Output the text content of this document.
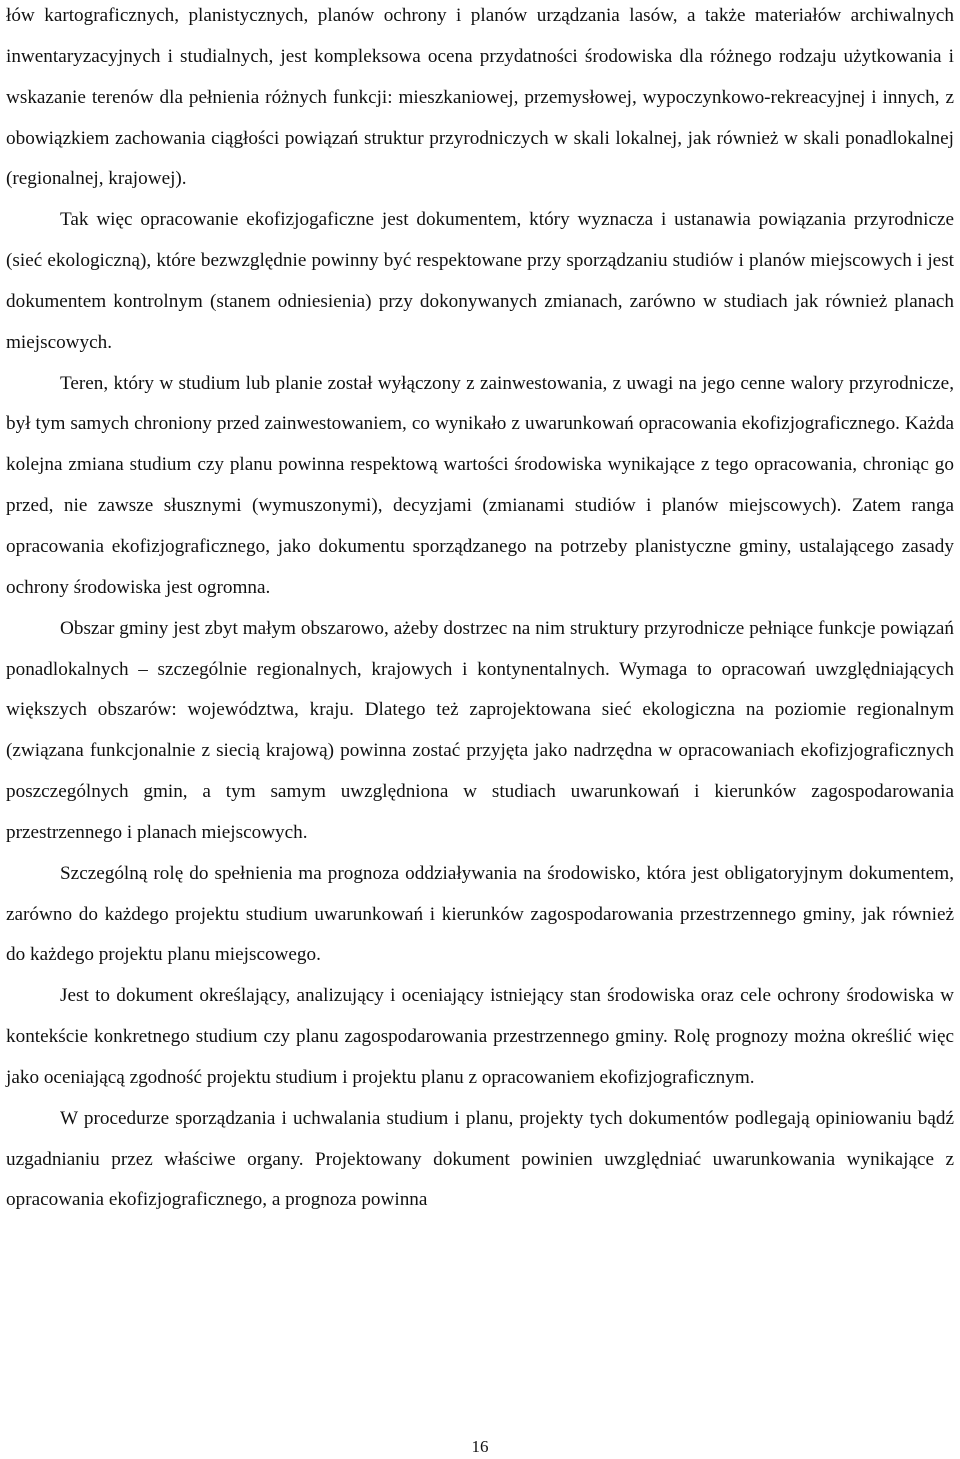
łów kartograficznych, planistycznych, planów ochrony i planów urządzania lasów, a także materiałów archiwalnych inwentaryzacyjnych i studialnych, jest kompleksowa ocena przydatności środowiska dla różnego rodzaju użytkowania i wskazanie terenów dla pełnienia różnych funkcji: mieszkaniowej, przemysłowej, wypoczynkowo-rekreacyjnej i innych, z obowiązkiem zachowania ciągłości powiązań struktur przyrodniczych w skali lokalnej, jak również w skali ponadlokalnej (regionalnej, krajowej).

Tak więc opracowanie ekofizjogaficzne jest dokumentem, który wyznacza i ustanawia powiązania przyrodnicze (sieć ekologiczną), które bezwzględnie powinny być respektowane przy sporządzaniu studiów i planów miejscowych i jest dokumentem kontrolnym (stanem odniesienia) przy dokonywanych zmianach, zarówno w studiach jak również planach miejscowych.

Teren, który w studium lub planie został wyłączony z zainwestowania, z uwagi na jego cenne walory przyrodnicze, był tym samych chroniony przed zainwestowaniem, co wynikało z uwarunkowań opracowania ekofizjograficznego. Każda kolejna zmiana studium czy planu powinna respektową wartości środowiska wynikające z tego opracowania, chroniąc go przed, nie zawsze słusznymi (wymuszonymi), decyzjami (zmianami studiów i planów miejscowych). Zatem ranga opracowania ekofizjograficznego, jako dokumentu sporządzanego na potrzeby planistyczne gminy, ustalającego zasady ochrony środowiska jest ogromna.

Obszar gminy jest zbyt małym obszarowo, ażeby dostrzec na nim struktury przyrodnicze pełniące funkcje powiązań ponadlokalnych – szczególnie regionalnych, krajowych i kontynentalnych. Wymaga to opracowań uwzględniających większych obszarów: województwa, kraju. Dlatego też zaprojektowana sieć ekologiczna na poziomie regionalnym (związana funkcjonalnie z siecią krajową) powinna zostać przyjęta jako nadrzędna w opracowaniach ekofizjograficznych poszczególnych gmin, a tym samym uwzględniona w studiach uwarunkowań i kierunków zagospodarowania przestrzennego i planach miejscowych.

Szczególną rolę do spełnienia ma prognoza oddziaływania na środowisko, która jest obligatoryjnym dokumentem, zarówno do każdego projektu studium uwarunkowań i kierunków zagospodarowania przestrzennego gminy, jak również do każdego projektu planu miejscowego.

Jest to dokument określający, analizujący i oceniający istniejący stan środowiska oraz cele ochrony środowiska w kontekście konkretnego studium czy planu zagospodarowania przestrzennego gminy. Rolę prognozy można określić więc jako oceniającą zgodność projektu studium i projektu planu z opracowaniem ekofizjograficznym.

W procedurze sporządzania i uchwalania studium i planu, projekty tych dokumentów podlegają opiniowaniu bądź uzgadnianiu przez właściwe organy. Projektowany dokument powinien uwzględniać uwarunkowania wynikające z opracowania ekofizjograficznego, a prognoza powinna

16
